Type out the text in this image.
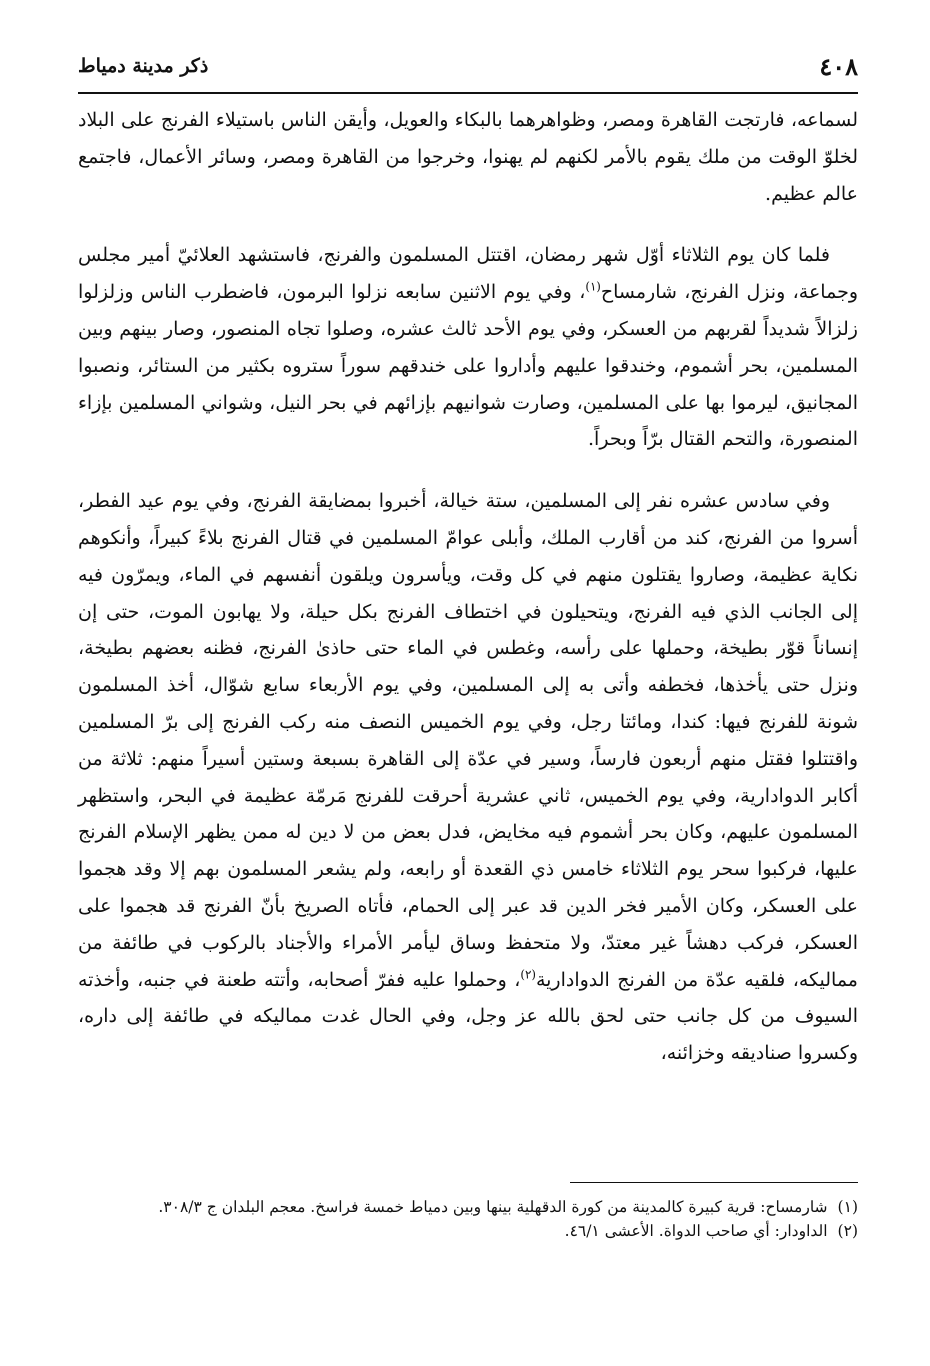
٤٠٨
ذكر مدينة دمياط

لسماعه، فارتجت القاهرة ومصر، وظواهرهما بالبكاء والعويل، وأيقن الناس باستيلاء الفرنج على البلاد لخلوّ الوقت من ملك يقوم بالأمر لكنهم لم يهنوا، وخرجوا من القاهرة ومصر، وسائر الأعمال، فاجتمع عالم عظيم.

فلما كان يوم الثلاثاء أوّل شهر رمضان، اقتتل المسلمون والفرنج، فاستشهد العلائيّ أمير مجلس وجماعة، ونزل الفرنج، شارمساح$^{(١)}$، وفي يوم الاثنين سابعه نزلوا البرمون، فاضطرب الناس وزلزلوا زلزالاً شديداً لقربهم من العسكر، وفي يوم الأحد ثالث عشره، وصلوا تجاه المنصور، وصار بينهم وبين المسلمين، بحر أشموم، وخندقوا عليهم وأداروا على خندقهم سوراً ستروه بكثير من الستائر، ونصبوا المجانيق، ليرموا بها على المسلمين، وصارت شوانيهم بإزائهم في بحر النيل، وشواني المسلمين بإزاء المنصورة، والتحم القتال برّاً وبحراً.

وفي سادس عشره نفر إلى المسلمين، ستة خيالة، أخبروا بمضايقة الفرنج، وفي يوم عيد الفطر، أسروا من الفرنج، كند من أقارب الملك، وأبلى عوامّ المسلمين في قتال الفرنج بلاءً كبيراً، وأنكوهم نكاية عظيمة، وصاروا يقتلون منهم في كل وقت، ويأسرون ويلقون أنفسهم في الماء، ويمرّون فيه إلى الجانب الذي فيه الفرنج، ويتحيلون في اختطاف الفرنج بكل حيلة، ولا يهابون الموت، حتى إن إنساناً قوّر بطيخة، وحملها على رأسه، وغطس في الماء حتى حاذىٰ الفرنج، فظنه بعضهم بطيخة، ونزل حتى يأخذها، فخطفه وأتى به إلى المسلمين، وفي يوم الأربعاء سابع شوّال، أخذ المسلمون شونة للفرنج فيها: كندا، ومائتا رجل، وفي يوم الخميس النصف منه ركب الفرنج إلى برّ المسلمين واقتتلوا فقتل منهم أربعون فارساً، وسير في عدّة إلى القاهرة بسبعة وستين أسيراً منهم: ثلاثة من أكابر الدوادارية، وفي يوم الخميس، ثاني عشرية أحرقت للفرنج مَرمّة عظيمة في البحر، واستظهر المسلمون عليهم، وكان بحر أشموم فيه مخايض، فدل بعض من لا دين له ممن يظهر الإسلام الفرنج عليها، فركبوا سحر يوم الثلاثاء خامس ذي القعدة أو رابعه، ولم يشعر المسلمون بهم إلا وقد هجموا على العسكر، وكان الأمير فخر الدين قد عبر إلى الحمام، فأتاه الصريخ بأنّ الفرنج قد هجموا على العسكر، فركب دهشاً غير معتدّ، ولا متحفظ وساق ليأمر الأمراء والأجناد بالركوب في طائفة من مماليكه، فلقيه عدّة من الفرنج الدوادارية$^{(٢)}$، وحملوا عليه ففرّ أصحابه، وأتته طعنة في جنبه، وأخذته السيوف من كل جانب حتى لحق بالله عز وجل، وفي الحال غدت مماليكه في طائفة إلى داره، وكسروا صناديقه وخزائنه،

(١)
شارمساح: قرية كبيرة كالمدينة من كورة الدقهلية بينها وبين دمياط خمسة فراسخ. معجم البلدان ج ٣٠٨/٣.

(٢)
الداودار: أي صاحب الدواة. الأعشى ٤٦/١.
